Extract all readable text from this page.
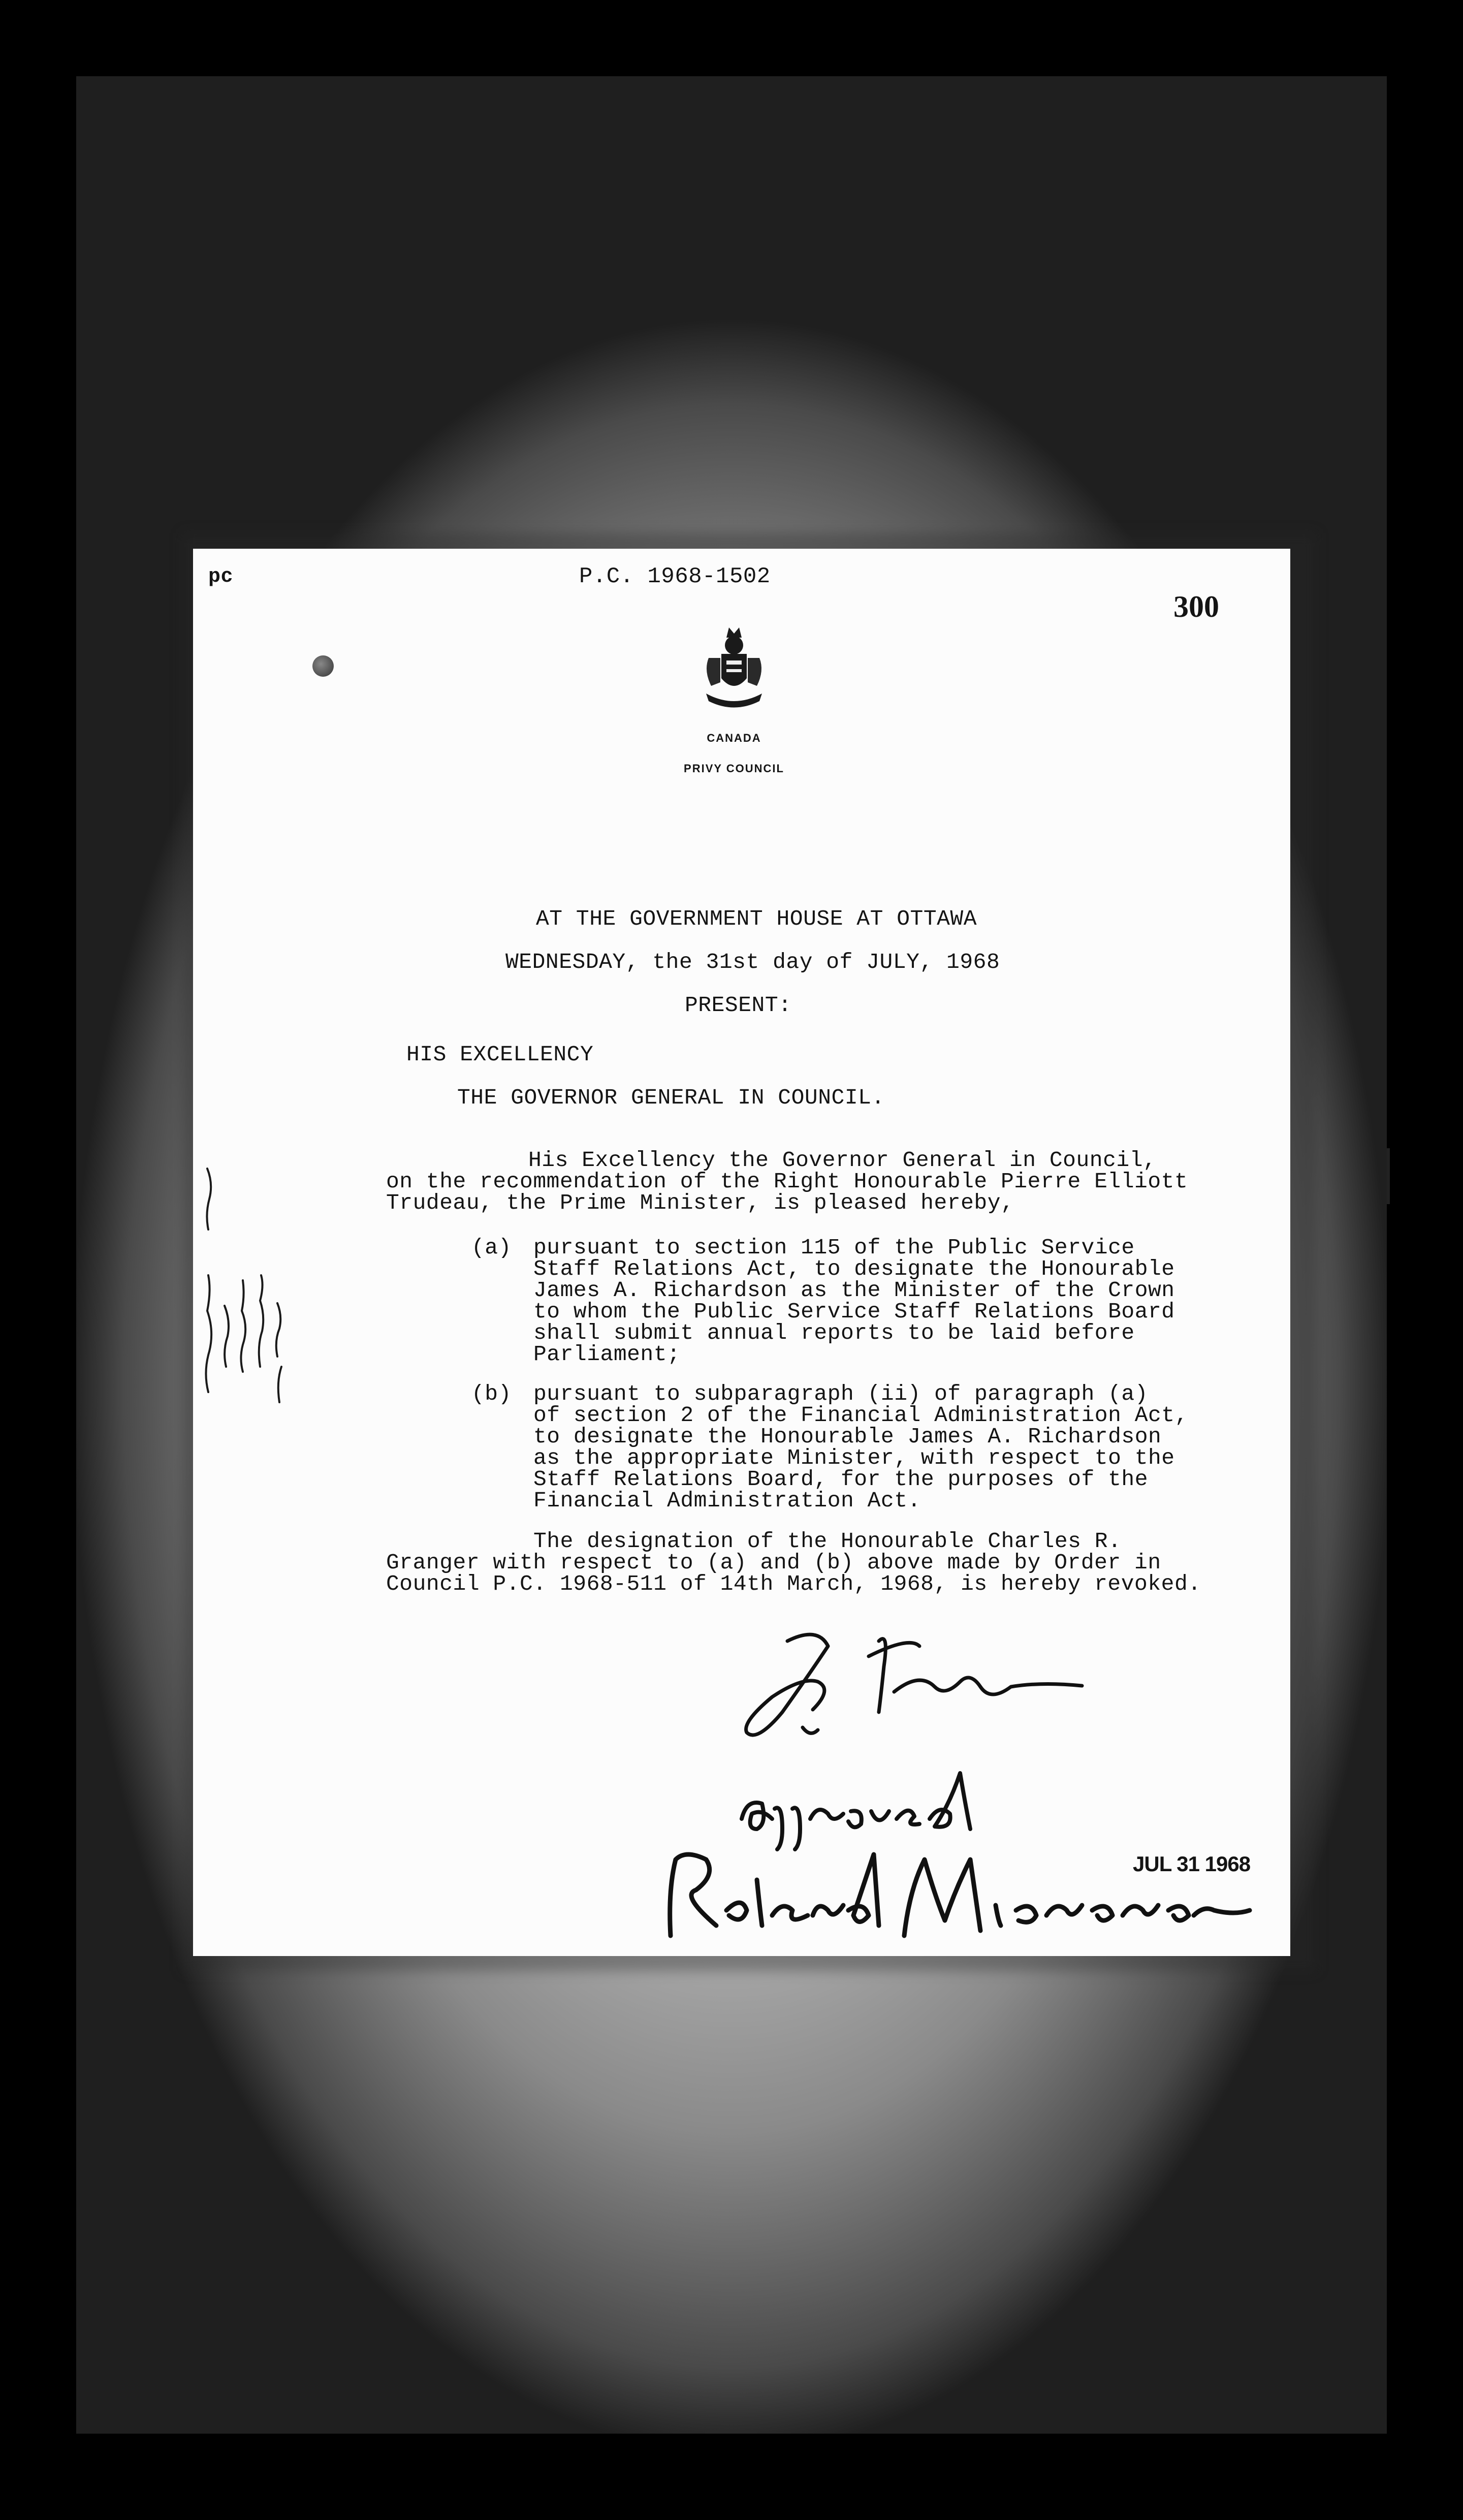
pc	P.C. 1968-1502
300
CANADA
PRIVY COUNCIL
AT THE GOVERNMENT HOUSE AT OTTAWA
WEDNESDAY, the 31st day of JULY, 1968
PRESENT:
HIS EXCELLENCY
THE GOVERNOR GENERAL IN COUNCIL.
His Excellency the Governor General in Council,
on the recommendation of the Right Honourable Pierre Elliott
Trudeau, the Prime Minister, is pleased hereby,
(a) pursuant to section 115 of the Public Service
Staff Relations Act, to designate the Honourable
James A. Richardson as the Minister of the Crown
to whom the Public Service Staff Relations Board
shall submit annual reports to be laid before
Parliament;
(b) pursuant to subparagraph (ii) of paragraph (a)
of section 2 of the Financial Administration Act,
to designate the Honourable James A. Richardson
as the appropriate Minister, with respect to the
Staff Relations Board, for the purposes of the
Financial Administration Act.
The designation of the Honourable Charles R.
Granger with respect to (a) and (b) above made by Order in
Council P.C. 1968-511 of 14th March, 1968, is hereby revoked.
JUL 31 1968
